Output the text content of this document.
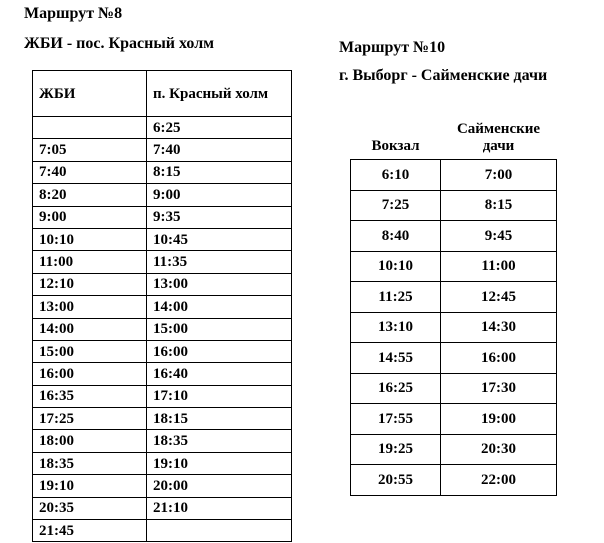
Маршрут №8
ЖБИ - пос. Красный холм
ЖБИ	п. Красный холм
	6:25
7:05	7:40
7:40	8:15
8:20	9:00
9:00	9:35
10:10	10:45
11:00	11:35
12:10	13:00
13:00	14:00
14:00	15:00
15:00	16:00
16:00	16:40
16:35	17:10
17:25	18:15
18:00	18:35
18:35	19:10
19:10	20:00
20:35	21:10
21:45	
Маршрут №10
г. Выборг - Сайменские дачи
Вокзал	Сайменские дачи
6:10	7:00
7:25	8:15
8:40	9:45
10:10	11:00
11:25	12:45
13:10	14:30
14:55	16:00
16:25	17:30
17:55	19:00
19:25	20:30
20:55	22:00
